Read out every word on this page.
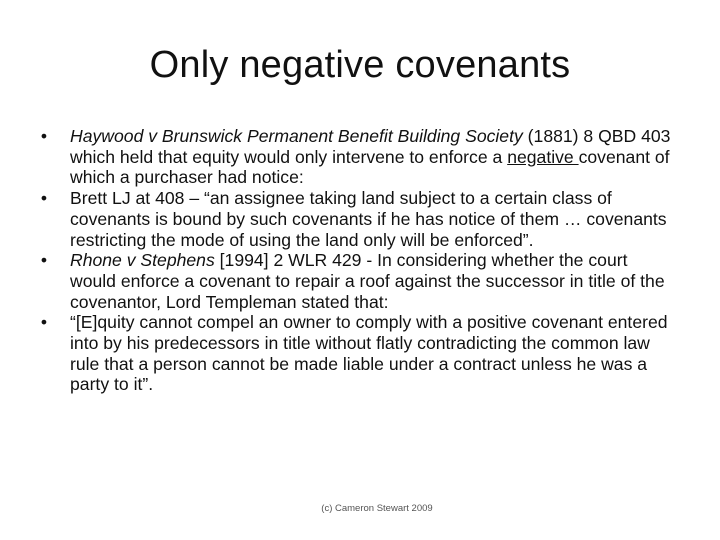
Only negative covenants
• Haywood v Brunswick Permanent Benefit Building Society (1881) 8 QBD 403 which held that equity would only intervene to enforce a negative covenant of which a purchaser had notice:
• Brett LJ at 408 – “an assignee taking land subject to a certain class of covenants is bound by such covenants if he has notice of them … covenants restricting the mode of using the land only will be enforced”.
• Rhone v Stephens [1994] 2 WLR 429 - In considering whether the court would enforce a covenant to repair a roof against the successor in title of the covenantor, Lord Templeman stated that:
• “[E]quity cannot compel an owner to comply with a positive covenant entered into by his predecessors in title without flatly contradicting the common law rule that a person cannot be made liable under a contract unless he was a party to it”.
(c) Cameron Stewart 2009
